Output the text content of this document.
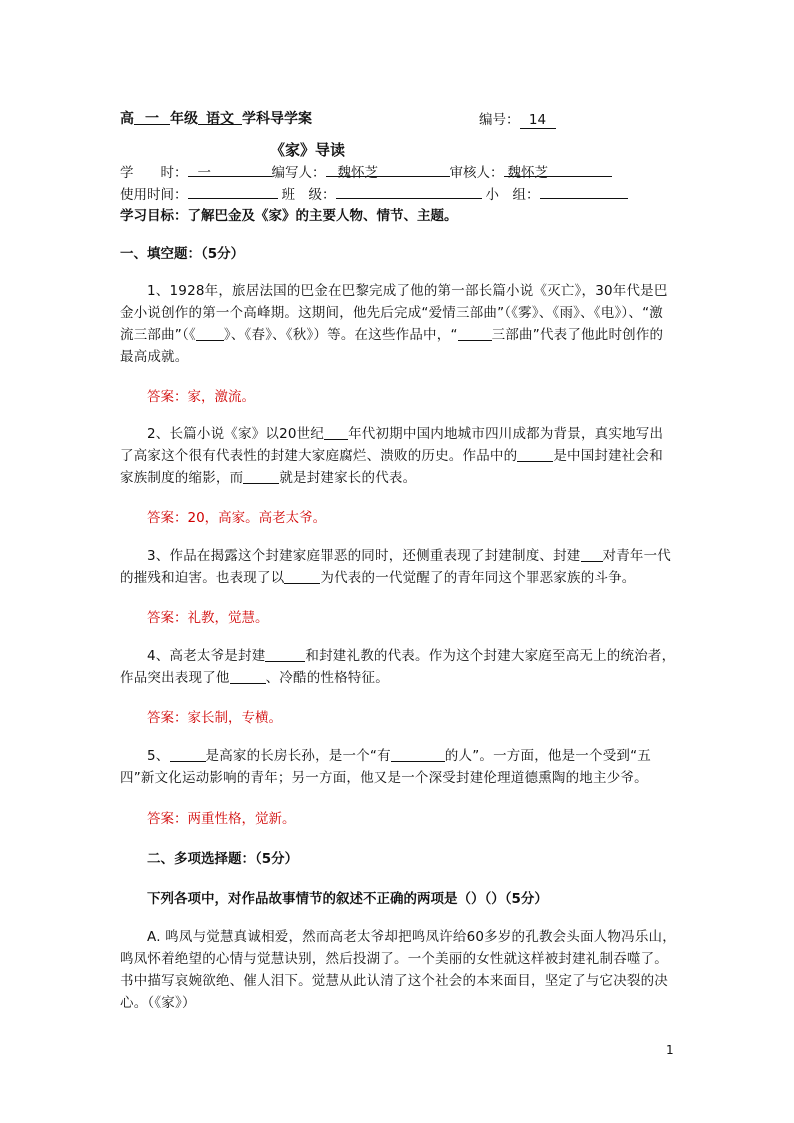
高 一 年级 语文 学科导学案	编号： 14
《家》导读
学　　时： 一	编写人： 魏怀芝	审核人： 魏怀芝
使用时间：	班　级：	小　组：
学习目标：了解巴金及《家》的主要人物、情节、主题。
一、填空题：（5分）

1、1928年，旅居法国的巴金在巴黎完成了他的第一部长篇小说《灭亡》，30年代是巴金小说创作的第一个高峰期。这期间，他先后完成“爱情三部曲”（《雾》、《雨》、《电》）、“激流三部曲”（《 》、《春》、《秋》）等。在这些作品中，“	三部曲”代表了他此时创作的最高成就。

答案：家，激流。

2、长篇小说《家》以20世纪 年代初期中国内地城市四川成都为背景，真实地写出了高家这个很有代表性的封建大家庭腐烂、溃败的历史。作品中的	是中国封建社会和家族制度的缩影，而	就是封建家长的代表。

答案：20，高家。高老太爷。

3、作品在揭露这个封建家庭罪恶的同时，还侧重表现了封建制度、封建 对青年一代的摧残和迫害。也表现了以	为代表的一代觉醒了的青年同这个罪恶家族的斗争。

答案：礼教，觉慧。

4、高老太爷是封建	和封建礼教的代表。作为这个封建大家庭至高无上的统治者，作品突出表现了他	、冷酷的性格特征。

答案：家长制，专横。

5、	是高家的长房长孙，是一个“有	的人”。一方面，他是一个受到“五四”新文化运动影响的青年；另一方面，他又是一个深受封建伦理道德熏陶的地主少爷。

答案：两重性格，觉新。
二、多项选择题：（5分）
下列各项中，对作品故事情节的叙述不正确的两项是（）（）（5分）

A. 鸣凤与觉慧真诚相爱，然而高老太爷却把鸣凤许给60多岁的孔教会头面人物冯乐山，鸣凤怀着绝望的心情与觉慧诀别，然后投湖了。一个美丽的女性就这样被封建礼制吞噬了。书中描写哀婉欲绝、催人泪下。觉慧从此认清了这个社会的本来面目，坚定了与它决裂的决心。（《家》）

1
